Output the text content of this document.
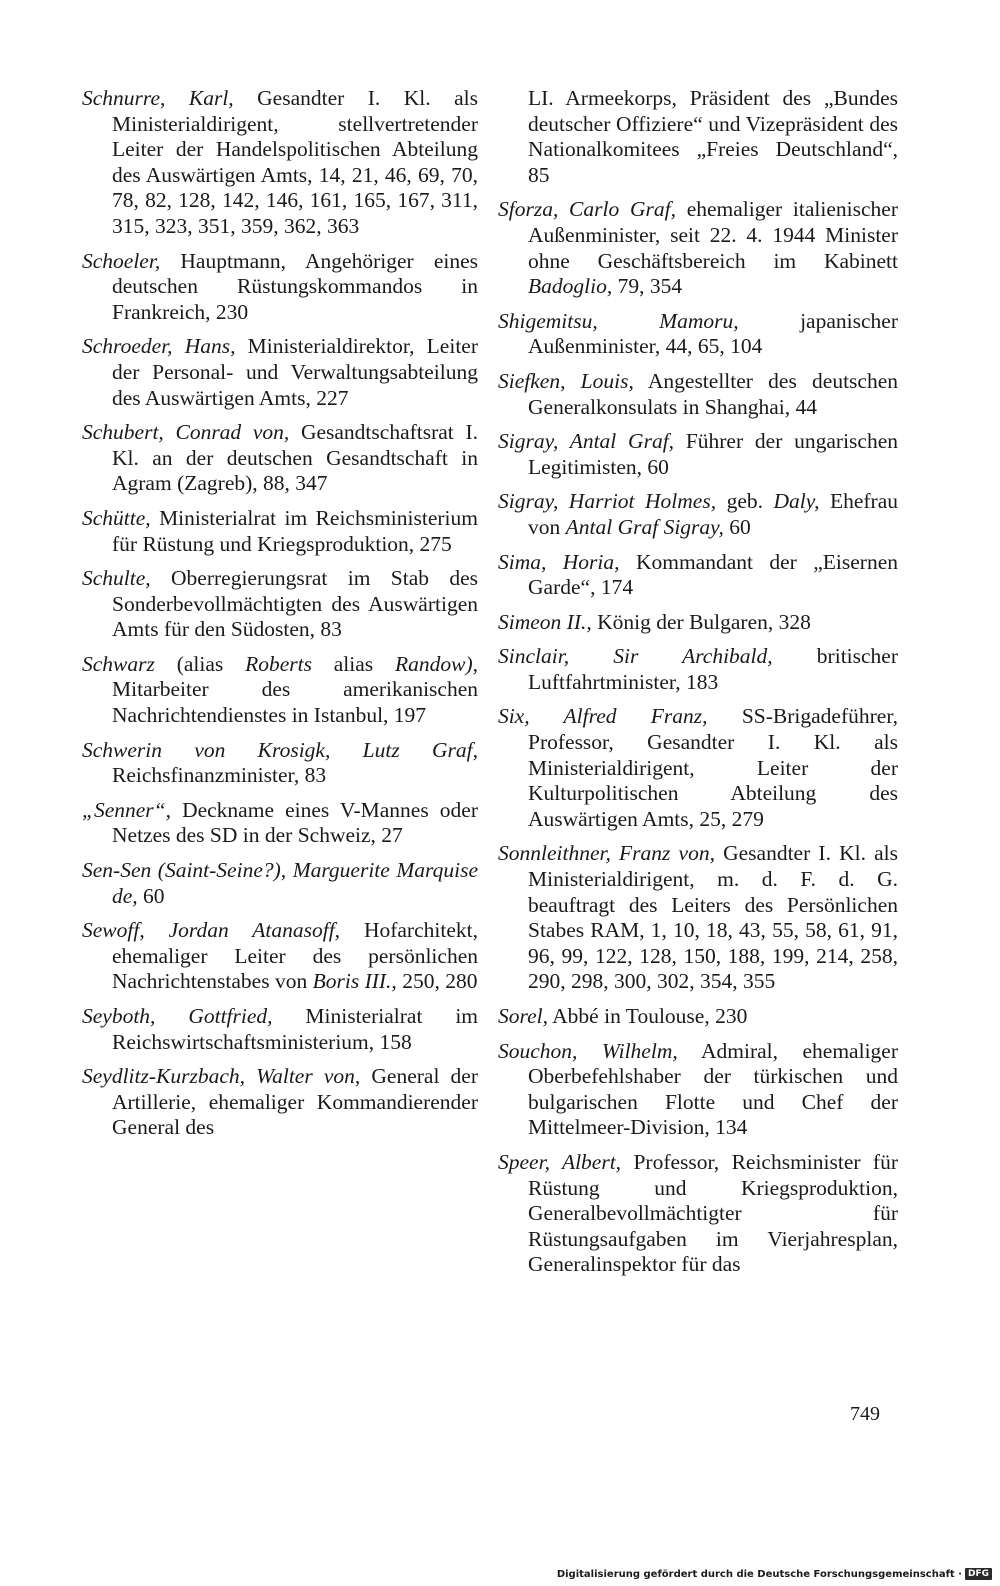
Schnurre, Karl, Gesandter I. Kl. als Ministerialdirigent, stellvertretender Leiter der Handelspolitischen Abteilung des Auswärtigen Amts, 14, 21, 46, 69, 70, 78, 82, 128, 142, 146, 161, 165, 167, 311, 315, 323, 351, 359, 362, 363

Schoeler, Hauptmann, Angehöriger eines deutschen Rüstungskommandos in Frankreich, 230

Schroeder, Hans, Ministerialdirektor, Leiter der Personal- und Verwaltungsabteilung des Auswärtigen Amts, 227

Schubert, Conrad von, Gesandtschaftsrat I. Kl. an der deutschen Gesandtschaft in Agram (Zagreb), 88, 347

Schütte, Ministerialrat im Reichsministerium für Rüstung und Kriegsproduktion, 275

Schulte, Oberregierungsrat im Stab des Sonderbevollmächtigten des Auswärtigen Amts für den Südosten, 83

Schwarz (alias Roberts alias Randow), Mitarbeiter des amerikanischen Nachrichtendienstes in Istanbul, 197

Schwerin von Krosigk, Lutz Graf, Reichsfinanzminister, 83

„Senner“, Deckname eines V-Mannes oder Netzes des SD in der Schweiz, 27

Sen-Sen (Saint-Seine?), Marguerite Marquise de, 60

Sewoff, Jordan Atanasoff, Hofarchitekt, ehemaliger Leiter des persönlichen Nachrichtenstabes von Boris III., 250, 280

Seyboth, Gottfried, Ministerialrat im Reichswirtschaftsministerium, 158

Seydlitz-Kurzbach, Walter von, General der Artillerie, ehemaliger Kommandierender General des

LI. Armeekorps, Präsident des „Bundes deutscher Offiziere“ und Vizepräsident des Nationalkomitees „Freies Deutschland“, 85

Sforza, Carlo Graf, ehemaliger italienischer Außenminister, seit 22. 4. 1944 Minister ohne Geschäftsbereich im Kabinett Badoglio, 79, 354

Shigemitsu, Mamoru, japanischer Außenminister, 44, 65, 104

Siefken, Louis, Angestellter des deutschen Generalkonsulats in Shanghai, 44

Sigray, Antal Graf, Führer der ungarischen Legitimisten, 60

Sigray, Harriot Holmes, geb. Daly, Ehefrau von Antal Graf Sigray, 60

Sima, Horia, Kommandant der „Eisernen Garde“, 174

Simeon II., König der Bulgaren, 328

Sinclair, Sir Archibald, britischer Luftfahrtminister, 183

Six, Alfred Franz, SS-Brigadeführer, Professor, Gesandter I. Kl. als Ministerialdirigent, Leiter der Kulturpolitischen Abteilung des Auswärtigen Amts, 25, 279

Sonnleithner, Franz von, Gesandter I. Kl. als Ministerialdirigent, m. d. F. d. G. beauftragt des Leiters des Persönlichen Stabes RAM, 1, 10, 18, 43, 55, 58, 61, 91, 96, 99, 122, 128, 150, 188, 199, 214, 258, 290, 298, 300, 302, 354, 355

Sorel, Abbé in Toulouse, 230

Souchon, Wilhelm, Admiral, ehemaliger Oberbefehlshaber der türkischen und bulgarischen Flotte und Chef der Mittelmeer-Division, 134

Speer, Albert, Professor, Reichsminister für Rüstung und Kriegsproduktion, Generalbevollmächtigter für Rüstungsaufgaben im Vierjahresplan, Generalinspektor für das

749
Digitalisierung gefördert durch die Deutsche Forschungsgemeinschaft · DFG
